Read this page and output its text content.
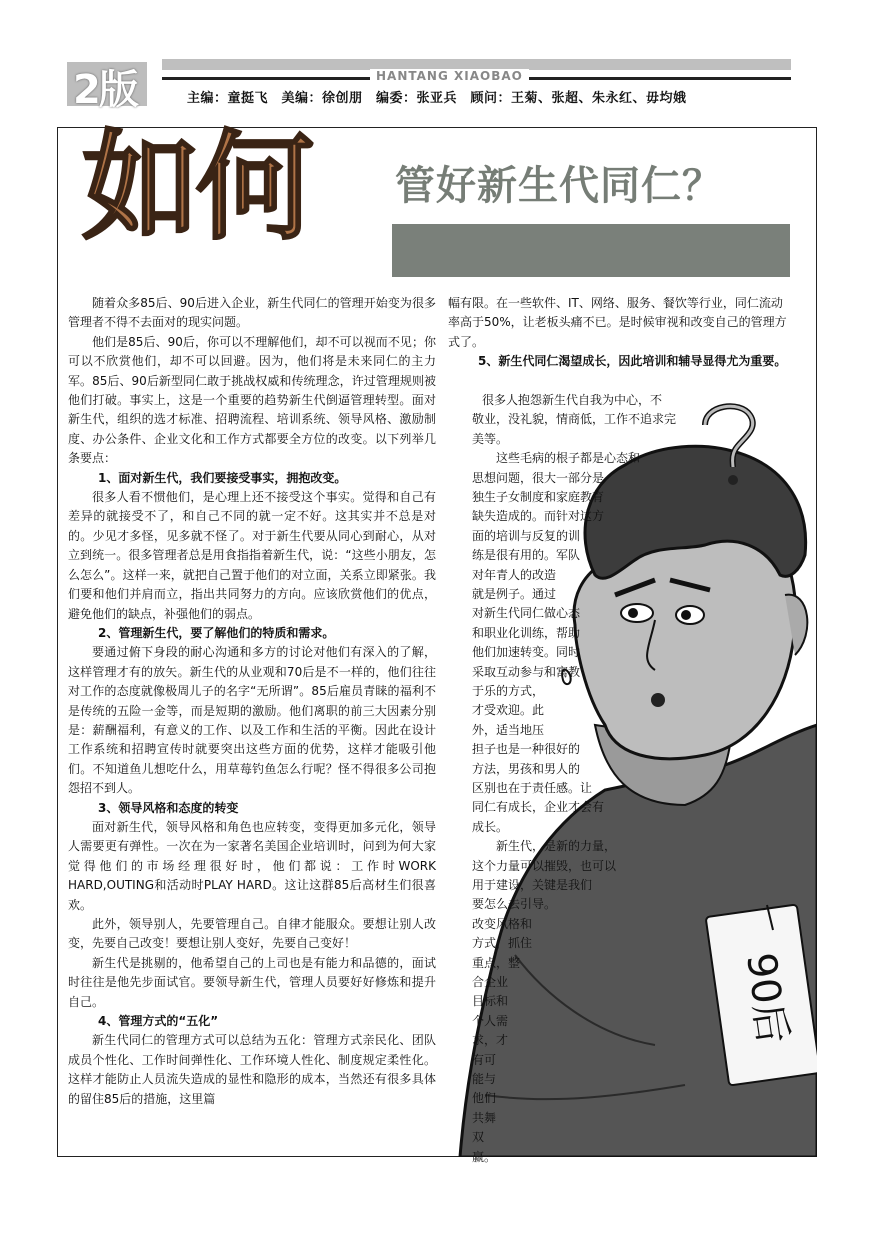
2版	HANTANG XIAOBAO
主编：童挺飞　美编：徐创朋　编委：张亚兵　顾问：王菊、张超、朱永红、毋均娥
如何 管好新生代同仁？

随着众多85后、90后进入企业，新生代同仁的管理开始变为很多管理者不得不去面对的现实问题。

他们是85后、90后，你可以不理解他们，却不可以视而不见；你可以不欣赏他们，却不可以回避。因为，他们将是未来同仁的主力军。85后、90后新型同仁敢于挑战权威和传统理念，许过管理规则被他们打破。事实上，这是一个重要的趋势新生代倒逼管理转型。面对新生代，组织的选才标准、招聘流程、培训系统、领导风格、激励制度、办公条件、企业文化和工作方式都要全方位的改变。以下列举几条要点：

1、面对新生代，我们要接受事实，拥抱改变。

很多人看不惯他们，是心理上还不接受这个事实。觉得和自己有差异的就接受不了，和自己不同的就一定不好。这其实并不总是对的。少见才多怪，见多就不怪了。对于新生代要从同心到耐心，从对立到统一。很多管理者总是用食指指着新生代，说：“这些小朋友，怎么怎么”。这样一来，就把自己置于他们的对立面，关系立即紧张。我们要和他们并肩而立，指出共同努力的方向。应该欣赏他们的优点，避免他们的缺点，补强他们的弱点。

2、管理新生代，要了解他们的特质和需求。

要通过俯下身段的耐心沟通和多方的讨论对他们有深入的了解，这样管理才有的放矢。新生代的从业观和70后是不一样的，他们往往对工作的态度就像极周儿子的名字“无所谓”。85后雇员青睐的福利不是传统的五险一金等，而是短期的激励。他们离职的前三大因素分别是：薪酬福利，有意义的工作、以及工作和生活的平衡。因此在设计工作系统和招聘宣传时就要突出这些方面的优势，这样才能吸引他们。不知道鱼儿想吃什么，用草莓钓鱼怎么行呢？怪不得很多公司抱怨招不到人。

3、领导风格和态度的转变

面对新生代，领导风格和角色也应转变，变得更加多元化，领导人需要更有弹性。一次在为一家著名美国企业培训时，问到为何大家觉得他们的市场经理很好时，他们都说：工作时WORK HARD,OUTING和活动时PLAY HARD。这让这群85后高材生们很喜欢。

此外，领导别人，先要管理自己。自律才能服众。要想让别人改变，先要自己改变！要想让别人变好，先要自己变好！

新生代是挑剔的，他希望自己的上司也是有能力和品德的，面试时往往是他先步面试官。要领导新生代，管理人员要好好修炼和提升自己。

4、管理方式的“五化”

新生代同仁的管理方式可以总结为五化：管理方式亲民化、团队成员个性化、工作时间弹性化、工作环境人性化、制度规定柔性化。这样才能防止人员流失造成的显性和隐形的成本，当然还有很多具体的留住85后的措施，这里篇

幅有限。在一些软件、IT、网络、服务、餐饮等行业，同仁流动率高于50%，让老板头痛不已。是时候审视和改变自己的管理方式了。

5、新生代同仁渴望成长，因此培训和辅导显得尤为重要。

90后
很多人抱怨新生代自我为中心，不
敬业，没礼貌，情商低，工作不追求完
美等。
　　这些毛病的根子都是心态和
思想问题，很大一部分是
独生子女制度和家庭教育
缺失造成的。而针对这方
面的培训与反复的训
练是很有用的。军队
对年青人的改造
就是例子。通过
对新生代同仁做心态
和职业化训练，帮助
他们加速转变。同时
采取互动参与和寓教
于乐的方式，
才受欢迎。此
外，适当地压
担子也是一种很好的
方法，男孩和男人的
区别也在于责任感。让
同仁有成长，企业才会有
成长。
　　新生代，是新的力量，
这个力量可以摧毁，也可以
用于建设，关键是我们
要怎么去引导。
改变风格和
方式，抓住
重点，整
合企业
目标和
个人需
求，才
有可
能与
他们
共舞
双
赢。
